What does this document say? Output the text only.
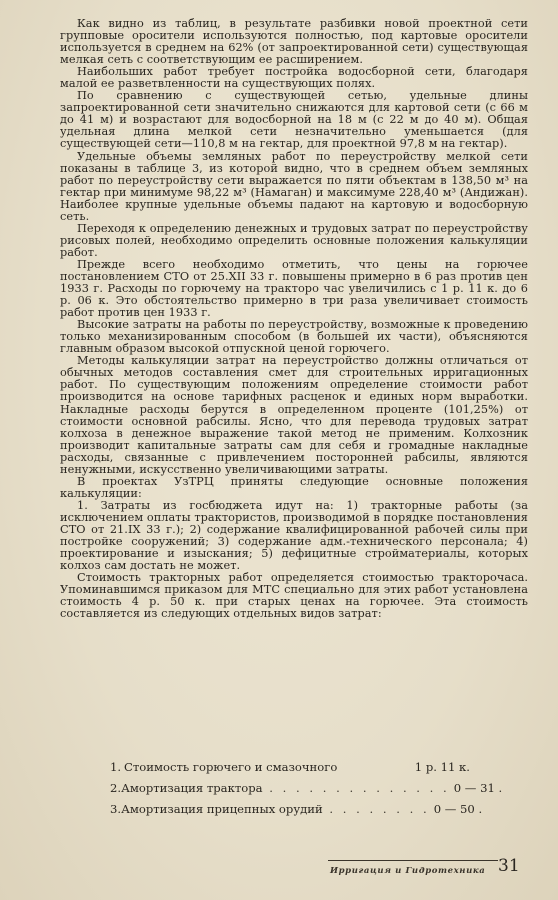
Как видно из таблиц, в результате разбивки новой проектной сети групповые оросители используются полностью, под картовые оросители используется в среднем на 62% (от запроектированной сети) существующая мелкая сеть с соответствующим ее расширением.

Наибольших работ требует постройка водосборной сети, благодаря малой ее разветвленности на существующих полях.

По сравнению с существующей сетью, удельные длины запроектированной сети значительно снижаются для картовой сети (с 66 м до 41 м) и возрастают для водосборной на 18 м (с 22 м до 40 м). Общая удельная длина мелкой сети незначительно уменьшается (для существующей сети—110,8 м на гектар, для проектной 97,8 м на гектар).

Удельные объемы земляных работ по переустройству мелкой сети показаны в таблице 3, из которой видно, что в среднем объем земляных работ по переустройству сети выражается по пяти объектам в 138,50 м³ на гектар при минимуме 98,22 м³ (Намаган) и максимуме 228,40 м³ (Андижан). Наиболее крупные удельные объемы падают на картовую и водосборную сеть.

Переходя к определению денежных и трудовых затрат по переустройству рисовых полей, необходимо определить основные положения калькуляции работ.

Прежде всего необходимо отметить, что цены на горючее постановлением СТО от 25.XII 33 г. повышены примерно в 6 раз против цен 1933 г. Расходы по горючему на тракторо час увеличились с 1 р. 11 к. до 6 р. 06 к. Это обстоятельство примерно в три раза увеличивает стоимость работ против цен 1933 г.

Высокие затраты на работы по переустройству, возможные к проведению только механизированным способом (в большей их части), объясняются главным образом высокой отпускной ценой горючего.

Методы калькуляции затрат на переустройство должны отличаться от обычных методов составления смет для строительных ирригационных работ. По существующим положениям определение стоимости работ производится на основе тарифных расценок и единых норм выработки. Накладные расходы берутся в определенном проценте (101,25%) от стоимости основной рабсилы. Ясно, что для перевода трудовых затрат колхоза в денежное выражение такой метод не применим. Колхозник производит капитальные затраты сам для себя и громадные накладные расходы, связанные с привлечением посторонней рабсилы, являются ненужными, искусственно увеличивающими затраты.

В проектах УзТРЦ приняты следующие основные положения калькуляции:

1. Затраты из госбюджета идут на: 1) тракторные работы (за исключением оплаты трактористов, производимой в порядке постановления СТО от 21.IX 33 г.); 2) содержание квалифицированной рабочей силы при постройке сооружений; 3) содержание адм.-технического персонала; 4) проектирование и изыскания; 5) дефицитные стройматериалы, которых колхоз сам достать не может.

Стоимость тракторных работ определяется стоимостью тракторочаса. Упоминавшимся приказом для МТС специально для этих работ установлена стоимость 4 р. 50 к. при старых ценах на горючее. Эта стоимость составляется из следующих отдельных видов затрат:

1. Стоимость горючего и смазочного
	1 р. 11 к.
2. Амортизация трактора . . . . . . . . . . . . . . 0 — 31 .
3. Амортизация прицепных орудий . . . . . . . . 0 — 50 .
Ирригация и Гидротехника 31
